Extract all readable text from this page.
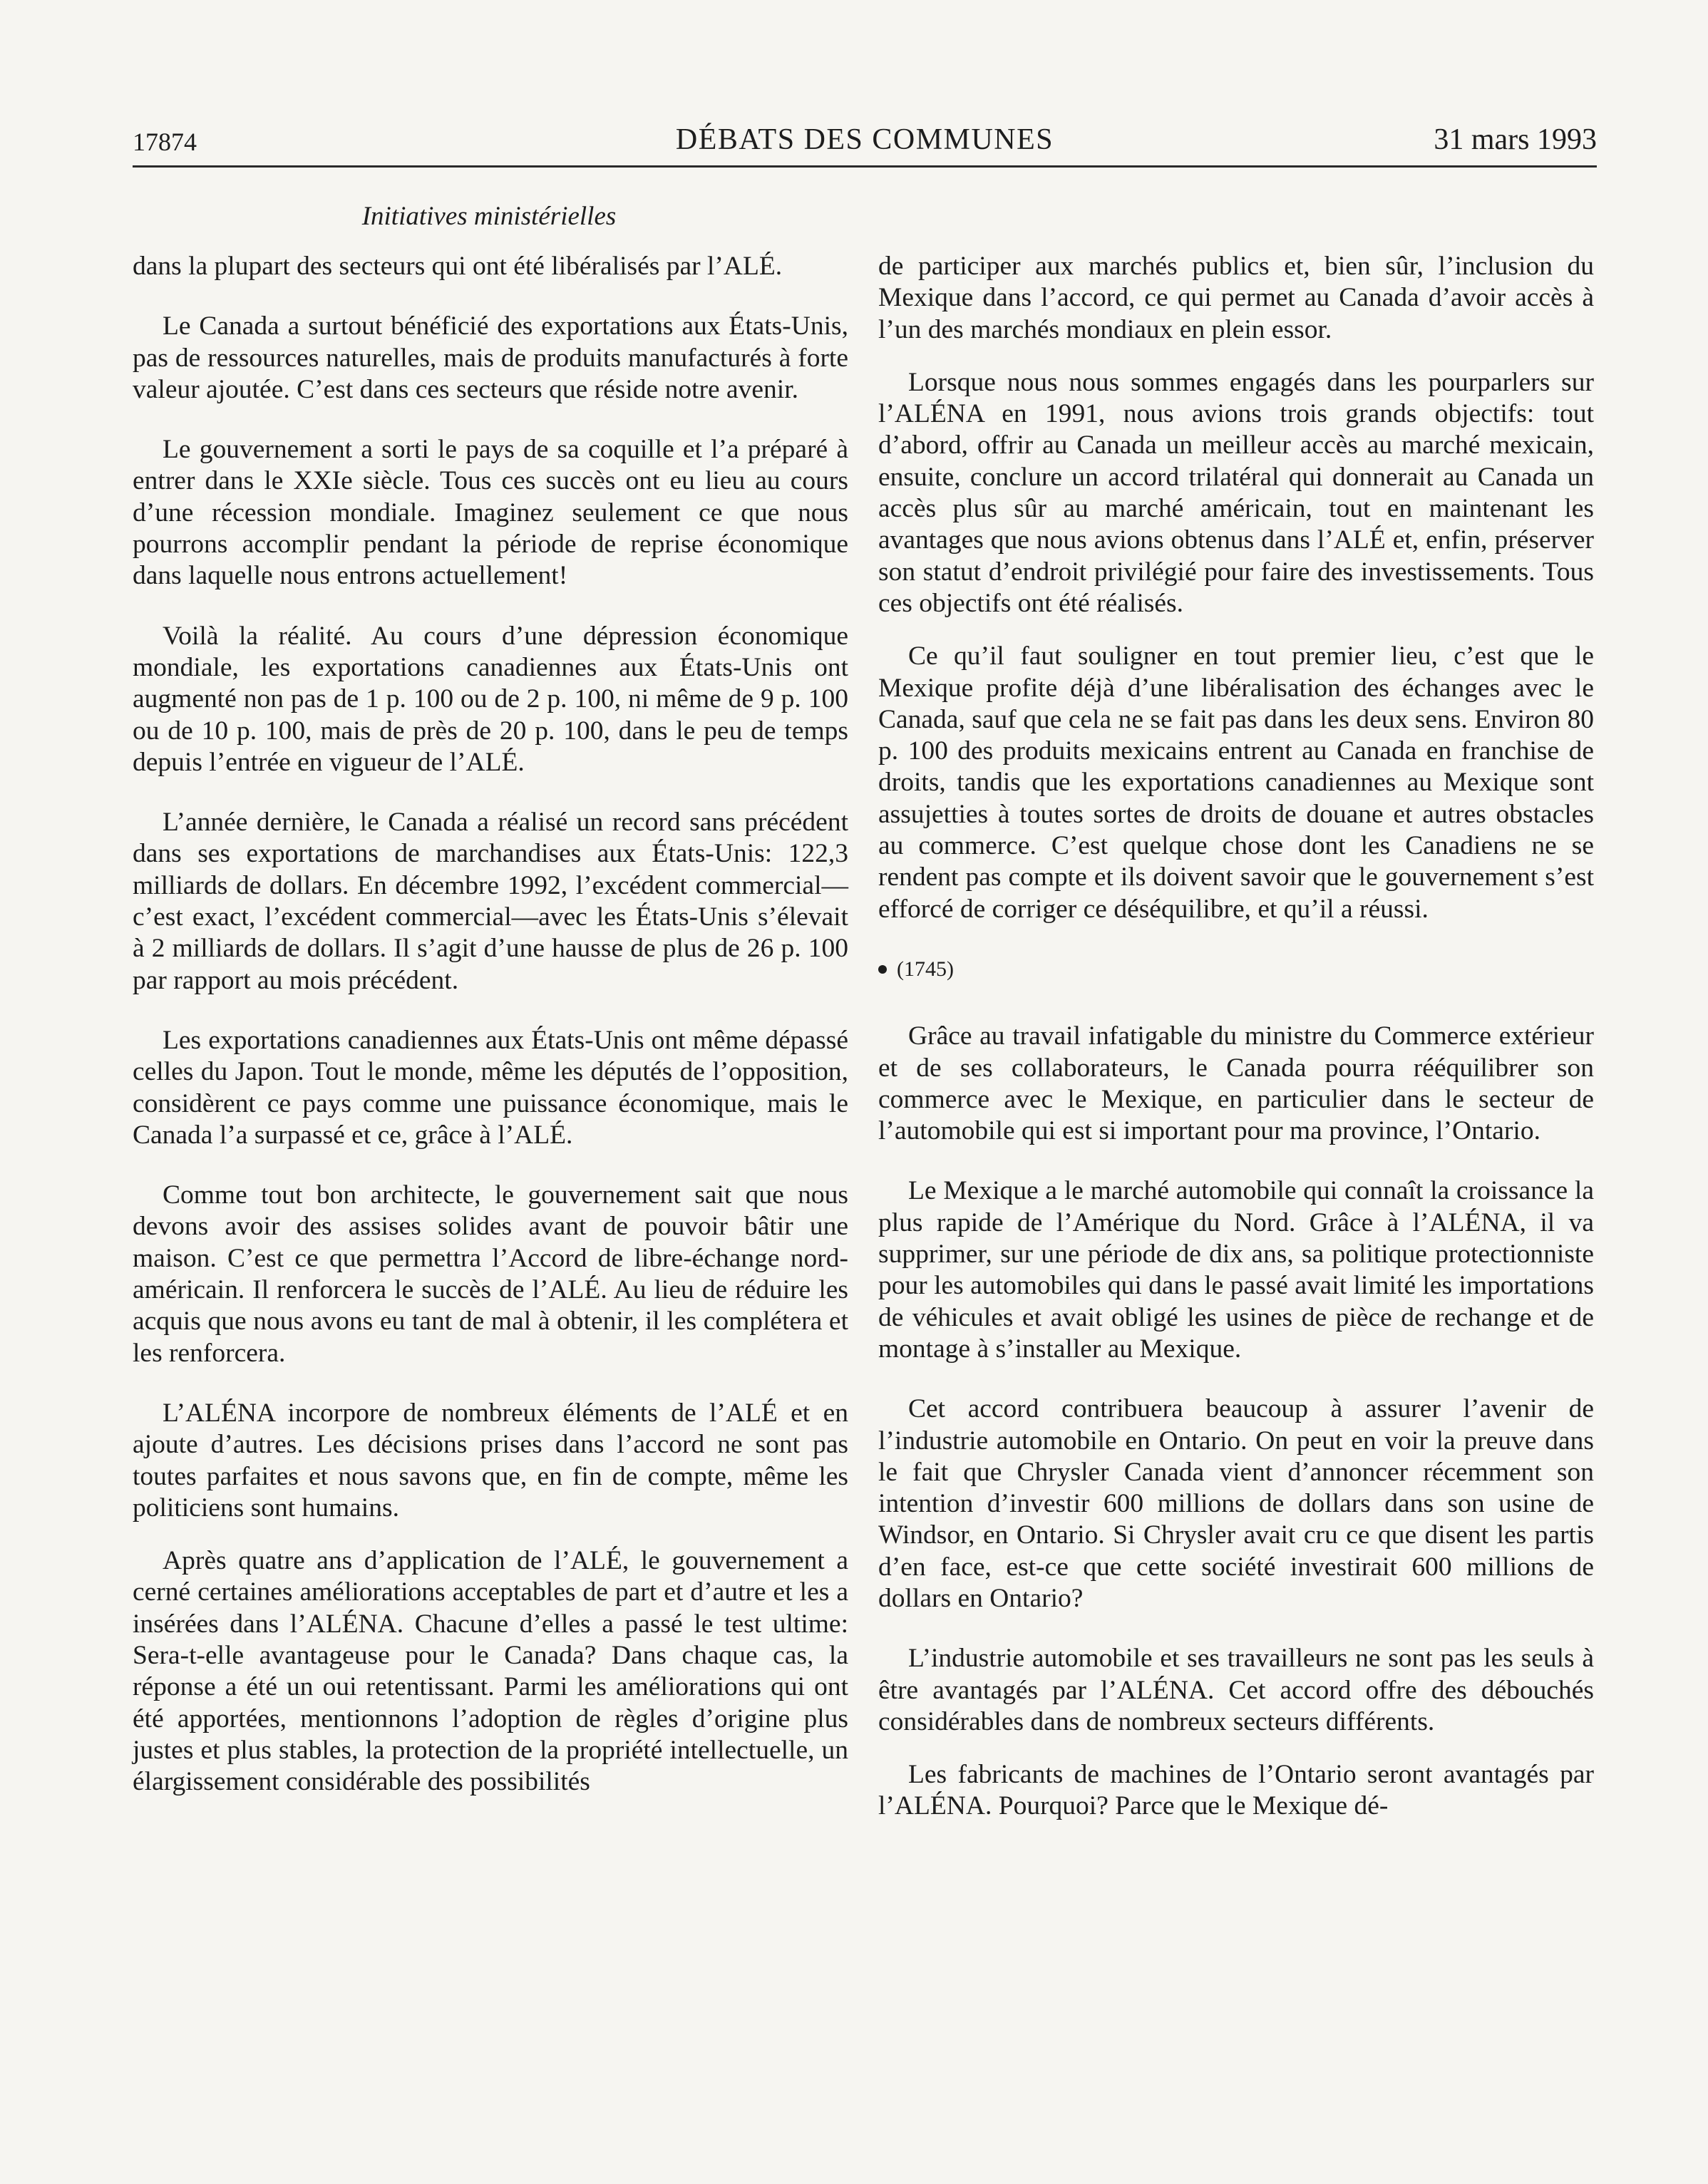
17874	DÉBATS DES COMMUNES	31 mars 1993
Initiatives ministérielles

dans la plupart des secteurs qui ont été libéralisés par l’ALÉ.

Le Canada a surtout bénéficié des exportations aux États-Unis, pas de ressources naturelles, mais de produits manufacturés à forte valeur ajoutée. C’est dans ces secteurs que réside notre avenir.

Le gouvernement a sorti le pays de sa coquille et l’a préparé à entrer dans le XXIe siècle. Tous ces succès ont eu lieu au cours d’une récession mondiale. Imaginez seulement ce que nous pourrons accomplir pendant la période de reprise économique dans laquelle nous entrons actuellement!

Voilà la réalité. Au cours d’une dépression économique mondiale, les exportations canadiennes aux États-Unis ont augmenté non pas de 1 p. 100 ou de 2 p. 100, ni même de 9 p. 100 ou de 10 p. 100, mais de près de 20 p. 100, dans le peu de temps depuis l’entrée en vigueur de l’ALÉ.

L’année dernière, le Canada a réalisé un record sans précédent dans ses exportations de marchandises aux États-Unis: 122,3 milliards de dollars. En décembre 1992, l’excédent commercial—c’est exact, l’excédent commercial—avec les États-Unis s’élevait à 2 milliards de dollars. Il s’agit d’une hausse de plus de 26 p. 100 par rapport au mois précédent.

Les exportations canadiennes aux États-Unis ont même dépassé celles du Japon. Tout le monde, même les députés de l’opposition, considèrent ce pays comme une puissance économique, mais le Canada l’a surpassé et ce, grâce à l’ALÉ.

Comme tout bon architecte, le gouvernement sait que nous devons avoir des assises solides avant de pouvoir bâtir une maison. C’est ce que permettra l’Accord de libre-échange nord-américain. Il renforcera le succès de l’ALÉ. Au lieu de réduire les acquis que nous avons eu tant de mal à obtenir, il les complétera et les renforcera.

L’ALÉNA incorpore de nombreux éléments de l’ALÉ et en ajoute d’autres. Les décisions prises dans l’accord ne sont pas toutes parfaites et nous savons que, en fin de compte, même les politiciens sont humains.

Après quatre ans d’application de l’ALÉ, le gouvernement a cerné certaines améliorations acceptables de part et d’autre et les a insérées dans l’ALÉNA. Chacune d’elles a passé le test ultime: Sera-t-elle avantageuse pour le Canada? Dans chaque cas, la réponse a été un oui retentissant. Parmi les améliorations qui ont été apportées, mentionnons l’adoption de règles d’origine plus justes et plus stables, la protection de la propriété intellectuelle, un élargissement considérable des possibilités

de participer aux marchés publics et, bien sûr, l’inclusion du Mexique dans l’accord, ce qui permet au Canada d’avoir accès à l’un des marchés mondiaux en plein essor.

Lorsque nous nous sommes engagés dans les pourparlers sur l’ALÉNA en 1991, nous avions trois grands objectifs: tout d’abord, offrir au Canada un meilleur accès au marché mexicain, ensuite, conclure un accord trilatéral qui donnerait au Canada un accès plus sûr au marché américain, tout en maintenant les avantages que nous avions obtenus dans l’ALÉ et, enfin, préserver son statut d’endroit privilégié pour faire des investissements. Tous ces objectifs ont été réalisés.

Ce qu’il faut souligner en tout premier lieu, c’est que le Mexique profite déjà d’une libéralisation des échanges avec le Canada, sauf que cela ne se fait pas dans les deux sens. Environ 80 p. 100 des produits mexicains entrent au Canada en franchise de droits, tandis que les exportations canadiennes au Mexique sont assujetties à toutes sortes de droits de douane et autres obstacles au commerce. C’est quelque chose dont les Canadiens ne se rendent pas compte et ils doivent savoir que le gouvernement s’est efforcé de corriger ce déséquilibre, et qu’il a réussi.

(1745)

Grâce au travail infatigable du ministre du Commerce extérieur et de ses collaborateurs, le Canada pourra rééquilibrer son commerce avec le Mexique, en particulier dans le secteur de l’automobile qui est si important pour ma province, l’Ontario.

Le Mexique a le marché automobile qui connaît la croissance la plus rapide de l’Amérique du Nord. Grâce à l’ALÉNA, il va supprimer, sur une période de dix ans, sa politique protectionniste pour les automobiles qui dans le passé avait limité les importations de véhicules et avait obligé les usines de pièce de rechange et de montage à s’installer au Mexique.

Cet accord contribuera beaucoup à assurer l’avenir de l’industrie automobile en Ontario. On peut en voir la preuve dans le fait que Chrysler Canada vient d’annoncer récemment son intention d’investir 600 millions de dollars dans son usine de Windsor, en Ontario. Si Chrysler avait cru ce que disent les partis d’en face, est-ce que cette société investirait 600 millions de dollars en Ontario?

L’industrie automobile et ses travailleurs ne sont pas les seuls à être avantagés par l’ALÉNA. Cet accord offre des débouchés considérables dans de nombreux secteurs différents.

Les fabricants de machines de l’Ontario seront avantagés par l’ALÉNA. Pourquoi? Parce que le Mexique dé-
